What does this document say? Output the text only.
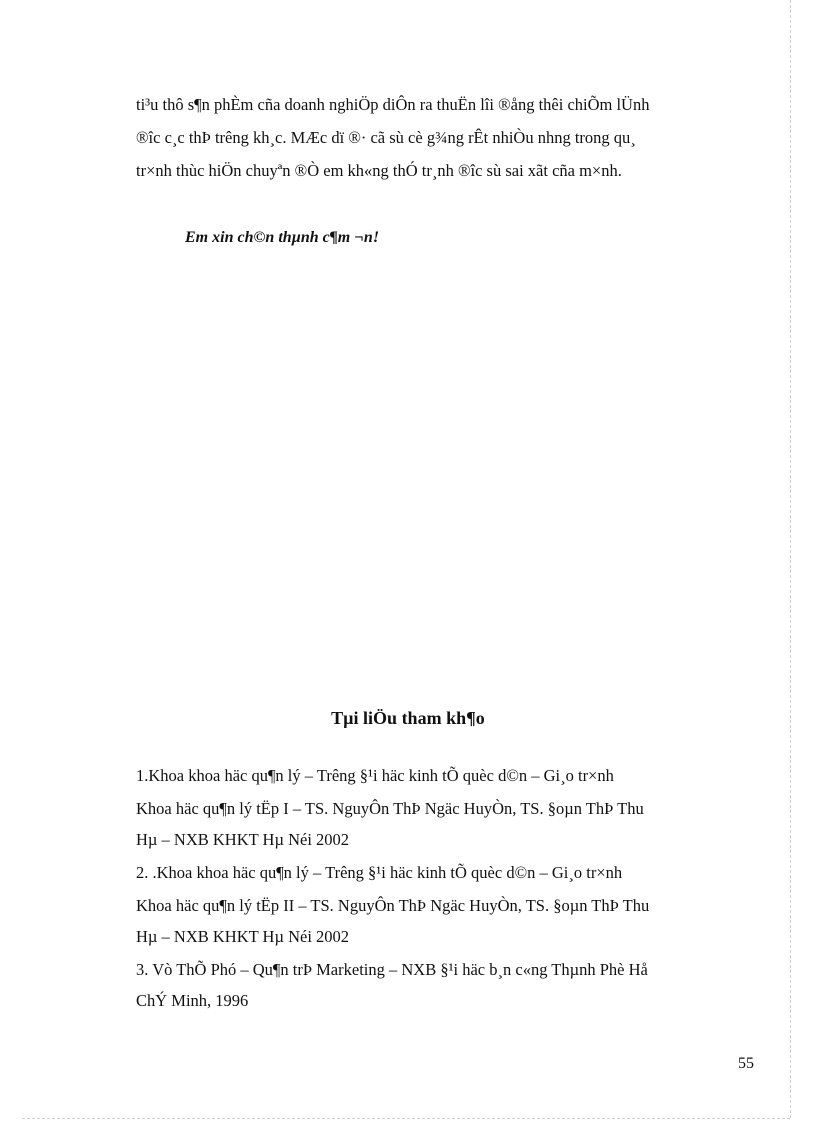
ti³u thô s¶n phÈm cña doanh nghiÖp diÔn ra thuËn lîi ®ång thêi chiÕm lÜnh
®îc c¸c thÞ trêng kh¸c. MÆc dï ®· cã sù cè g¾ng rÊt nhiÒu nhng trong qu¸
tr×nh thùc hiÖn chuyªn ®Ò em kh«ng thÓ tr¸nh ®îc sù sai xãt cña m×nh.
Em xin ch©n thµnh c¶m ¬n!
Tµi liÖu tham kh¶o
1.Khoa khoa häc qu¶n lý – Trêng §¹i häc kinh tÕ quèc d©n – Gi¸o tr×nh
Khoa häc qu¶n lý tËp I – TS. NguyÔn ThÞ Ngäc HuyÒn, TS. §oµn ThÞ Thu
Hµ – NXB KHKT Hµ Néi 2002
2. .Khoa khoa häc qu¶n lý – Trêng §¹i häc kinh tÕ quèc d©n – Gi¸o tr×nh
Khoa häc qu¶n lý tËp II – TS. NguyÔn ThÞ Ngäc HuyÒn, TS. §oµn ThÞ Thu
Hµ – NXB KHKT Hµ Néi 2002
3. Vò ThÕ Phó – Qu¶n trÞ Marketing – NXB §¹i häc b¸n c«ng Thµnh Phè Hå
ChÝ Minh, 1996
55
